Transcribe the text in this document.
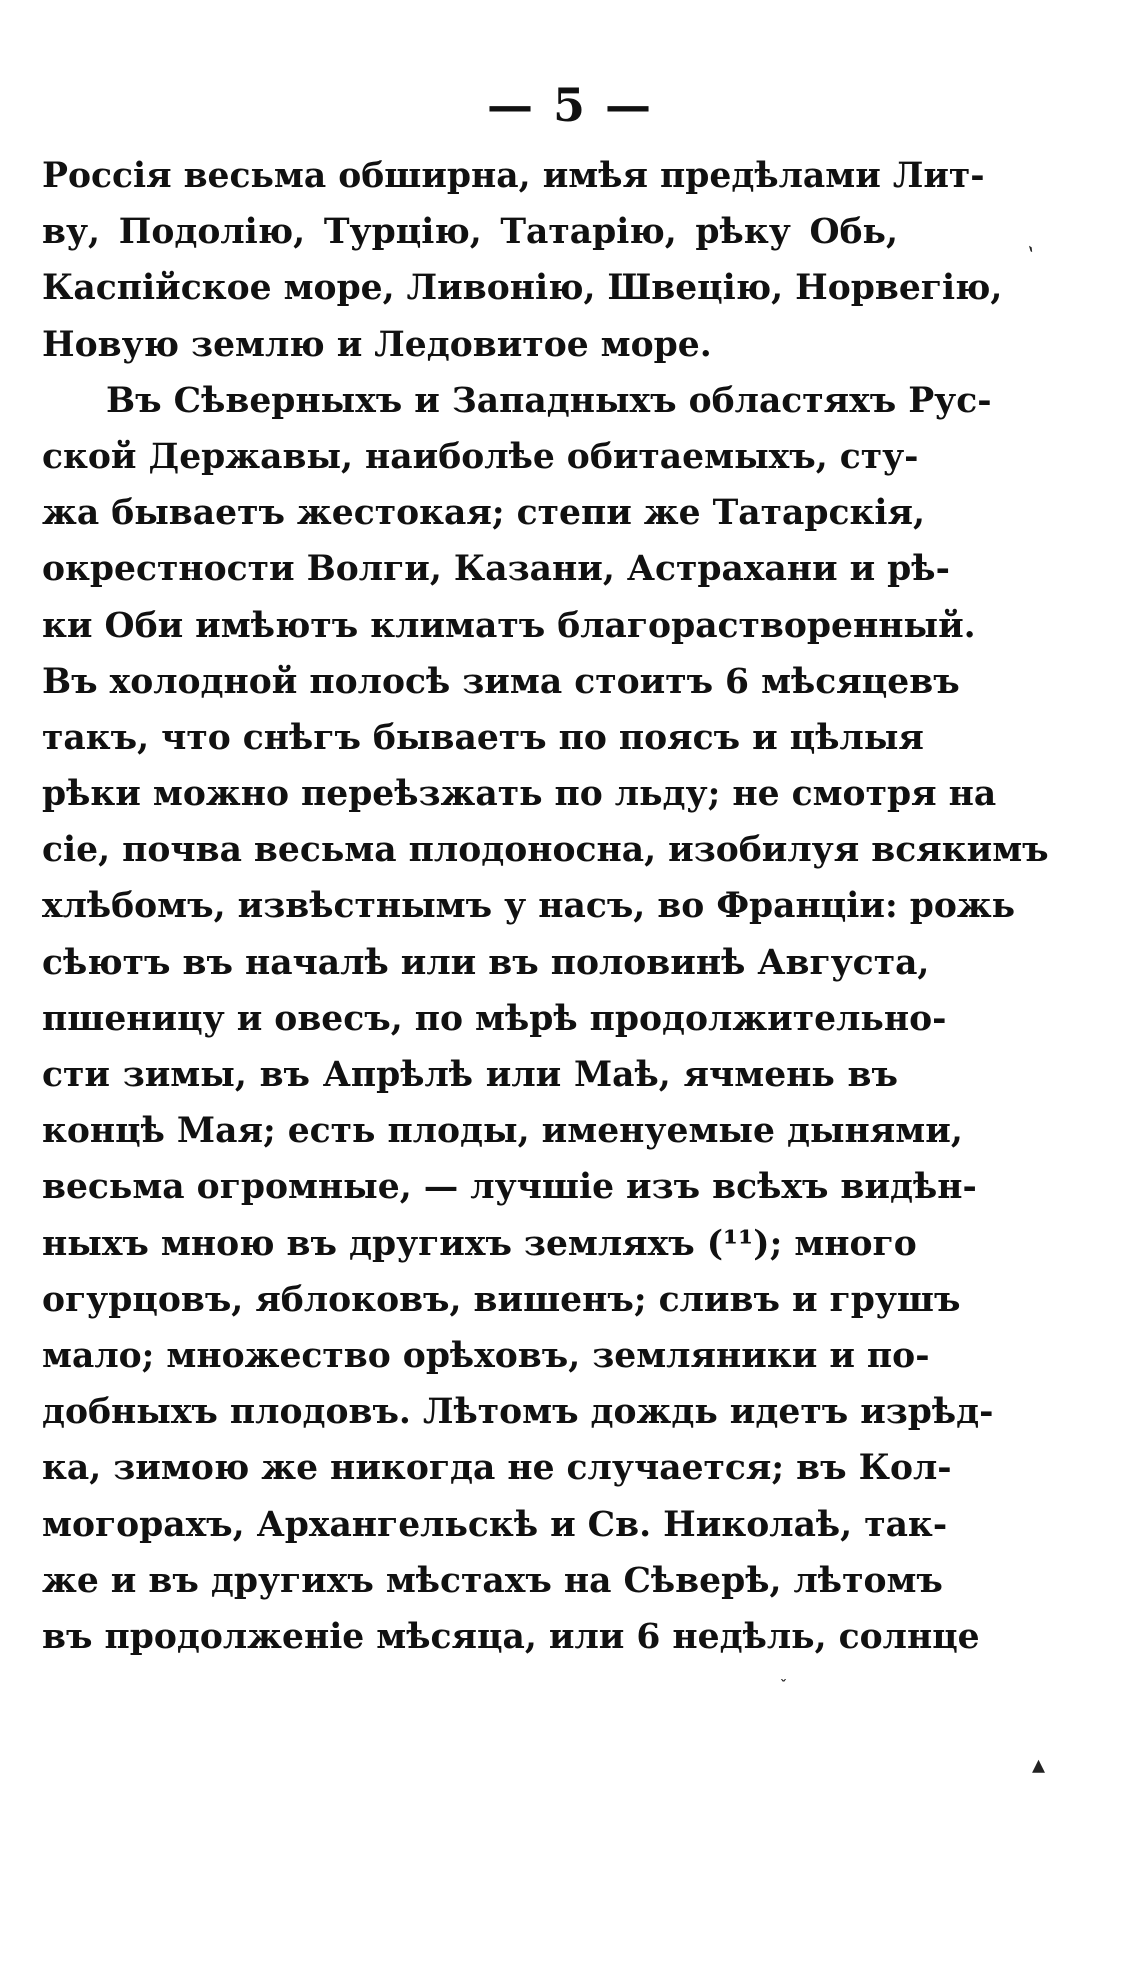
— 5 —
Россія весьма обширна, имѣя предѣлами Лит-
ву, Подолію, Турцію, Татарію, рѣку Обь,
Каспійское море, Ливонію, Швецію, Норвегію,
Новую землю и Ледовитое море.
Въ Сѣверныхъ и Западныхъ областяхъ Рус-
ской Державы, наиболѣе обитаемыхъ, сту-
жа бываетъ жестокая; степи же Татарскія,
окрестности Волги, Казани, Астрахани и рѣ-
ки Оби имѣютъ климатъ благорастворенный.
Въ холодной полосѣ зима стоитъ 6 мѣсяцевъ
такъ, что снѣгъ бываетъ по поясъ и цѣлыя
рѣки можно переѣзжать по льду; не смотря на
сіе, почва весьма плодоносна, изобилуя всякимъ
хлѣбомъ, извѣстнымъ у насъ, во Франціи: рожь
сѣютъ въ началѣ или въ половинѣ Августа,
пшеницу и овесъ, по мѣрѣ продолжительно-
сти зимы, въ Апрѣлѣ или Маѣ, ячмень въ
концѣ Мая; есть плоды, именуемые дынями,
весьма огромные, — лучшіе изъ всѣхъ видѣн-
ныхъ мною въ другихъ земляхъ (¹¹); много
огурцовъ, яблоковъ, вишенъ; сливъ и грушъ
мало; множество орѣховъ, земляники и по-
добныхъ плодовъ. Лѣтомъ дождь идетъ изрѣд-
ка, зимою же никогда не случается; въ Кол-
могорахъ, Архангельскѣ и Св. Николаѣ, так-
же и въ другихъ мѣстахъ на Сѣверѣ, лѣтомъ
въ продолженіе мѣсяца, или 6 недѣль, солнце
ˋ
ˇ
▴
